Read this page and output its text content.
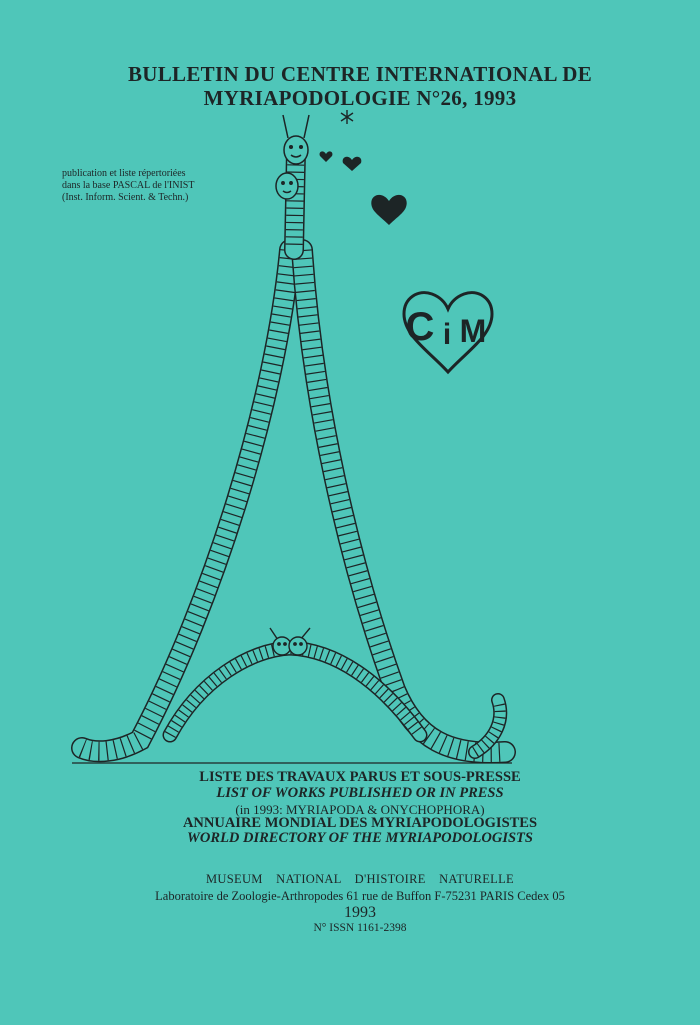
BULLETIN DU CENTRE INTERNATIONAL DE
MYRIAPODOLOGIE N°26, 1993
publication et liste répertoriées
dans la base PASCAL de l'INIST
(Inst. Inform. Scient. & Techn.)
C i M
LISTE DES TRAVAUX PARUS ET SOUS-PRESSE
LIST OF WORKS PUBLISHED OR IN PRESS
(in 1993: MYRIAPODA & ONYCHOPHORA)
ANNUAIRE MONDIAL DES MYRIAPODOLOGISTES
WORLD DIRECTORY OF THE MYRIAPODOLOGISTS
MUSEUM NATIONAL D'HISTOIRE NATURELLE
Laboratoire de Zoologie-Arthropodes 61 rue de Buffon F-75231 PARIS Cedex 05
1993
N° ISSN 1161-2398
